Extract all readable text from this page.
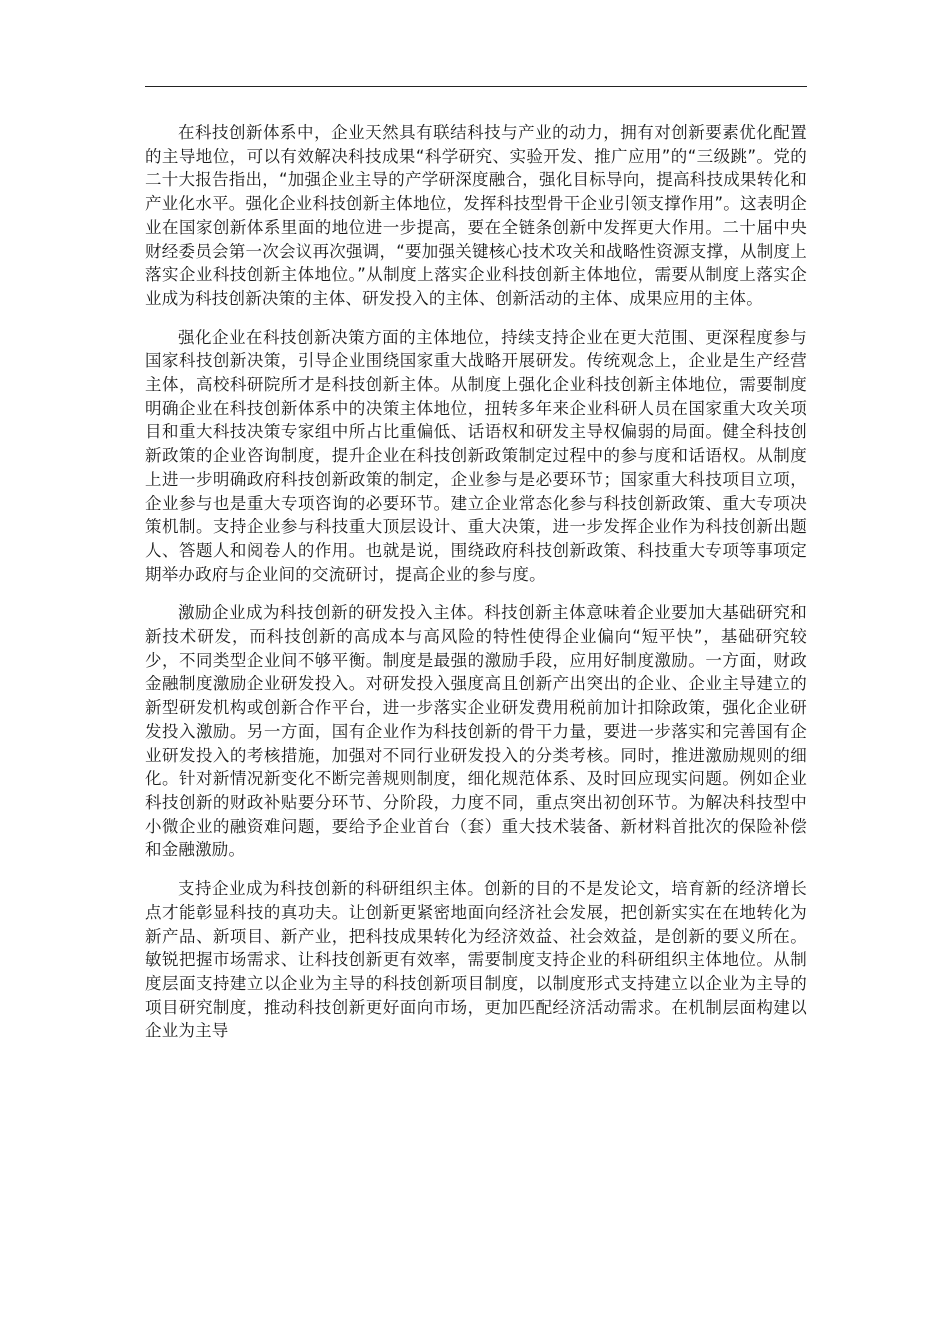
在科技创新体系中，企业天然具有联结科技与产业的动力，拥有对创新要素优化配置的主导地位，可以有效解决科技成果“科学研究、实验开发、推广应用”的“三级跳”。党的二十大报告指出，“加强企业主导的产学研深度融合，强化目标导向，提高科技成果转化和产业化水平。强化企业科技创新主体地位，发挥科技型骨干企业引领支撑作用”。这表明企业在国家创新体系里面的地位进一步提高，要在全链条创新中发挥更大作用。二十届中央财经委员会第一次会议再次强调，“要加强关键核心技术攻关和战略性资源支撑，从制度上落实企业科技创新主体地位。”从制度上落实企业科技创新主体地位，需要从制度上落实企业成为科技创新决策的主体、研发投入的主体、创新活动的主体、成果应用的主体。

强化企业在科技创新决策方面的主体地位，持续支持企业在更大范围、更深程度参与国家科技创新决策，引导企业围绕国家重大战略开展研发。传统观念上，企业是生产经营主体，高校科研院所才是科技创新主体。从制度上强化企业科技创新主体地位，需要制度明确企业在科技创新体系中的决策主体地位，扭转多年来企业科研人员在国家重大攻关项目和重大科技决策专家组中所占比重偏低、话语权和研发主导权偏弱的局面。健全科技创新政策的企业咨询制度，提升企业在科技创新政策制定过程中的参与度和话语权。从制度上进一步明确政府科技创新政策的制定，企业参与是必要环节；国家重大科技项目立项，企业参与也是重大专项咨询的必要环节。建立企业常态化参与科技创新政策、重大专项决策机制。支持企业参与科技重大顶层设计、重大决策，进一步发挥企业作为科技创新出题人、答题人和阅卷人的作用。也就是说，围绕政府科技创新政策、科技重大专项等事项定期举办政府与企业间的交流研讨，提高企业的参与度。

激励企业成为科技创新的研发投入主体。科技创新主体意味着企业要加大基础研究和新技术研发，而科技创新的高成本与高风险的特性使得企业偏向“短平快”，基础研究较少，不同类型企业间不够平衡。制度是最强的激励手段，应用好制度激励。一方面，财政金融制度激励企业研发投入。对研发投入强度高且创新产出突出的企业、企业主导建立的新型研发机构或创新合作平台，进一步落实企业研发费用税前加计扣除政策，强化企业研发投入激励。另一方面，国有企业作为科技创新的骨干力量，要进一步落实和完善国有企业研发投入的考核措施，加强对不同行业研发投入的分类考核。同时，推进激励规则的细化。针对新情况新变化不断完善规则制度，细化规范体系、及时回应现实问题。例如企业科技创新的财政补贴要分环节、分阶段，力度不同，重点突出初创环节。为解决科技型中小微企业的融资难问题，要给予企业首台（套）重大技术装备、新材料首批次的保险补偿和金融激励。

支持企业成为科技创新的科研组织主体。创新的目的不是发论文，培育新的经济增长点才能彰显科技的真功夫。让创新更紧密地面向经济社会发展，把创新实实在在地转化为新产品、新项目、新产业，把科技成果转化为经济效益、社会效益，是创新的要义所在。敏锐把握市场需求、让科技创新更有效率，需要制度支持企业的科研组织主体地位。从制度层面支持建立以企业为主导的科技创新项目制度，以制度形式支持建立以企业为主导的项目研究制度，推动科技创新更好面向市场，更加匹配经济活动需求。在机制层面构建以企业为主导
